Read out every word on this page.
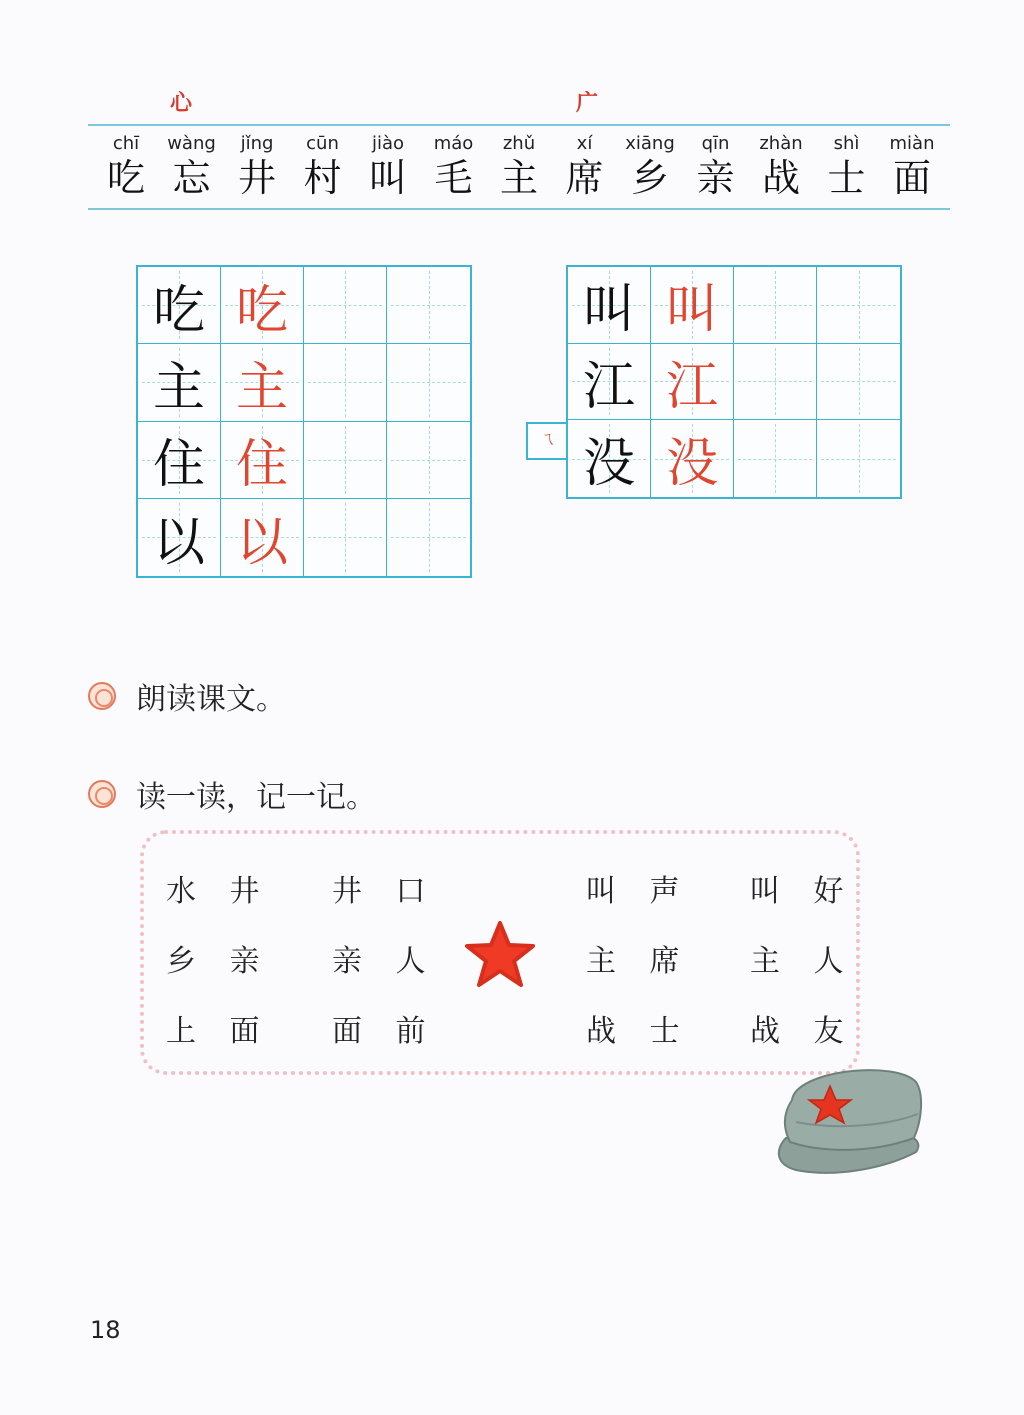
心	广
chī
吃
wàng
忘
jǐng
井
cūn
村
jiào
叫
máo
毛
zhǔ
主
xí
席
xiāng
乡
qīn
亲
zhàn
战
shì
士
miàn
面
吃 吃
主 主
住 住
以 以
ㄟ
叫 叫
江 江
没 没
朗读课文。
读一读，记一记。
水 井
乡 亲
上 面
井 口
亲 人
面 前
叫 声
主 席
战 士
叫 好
主 人
战 友
18
